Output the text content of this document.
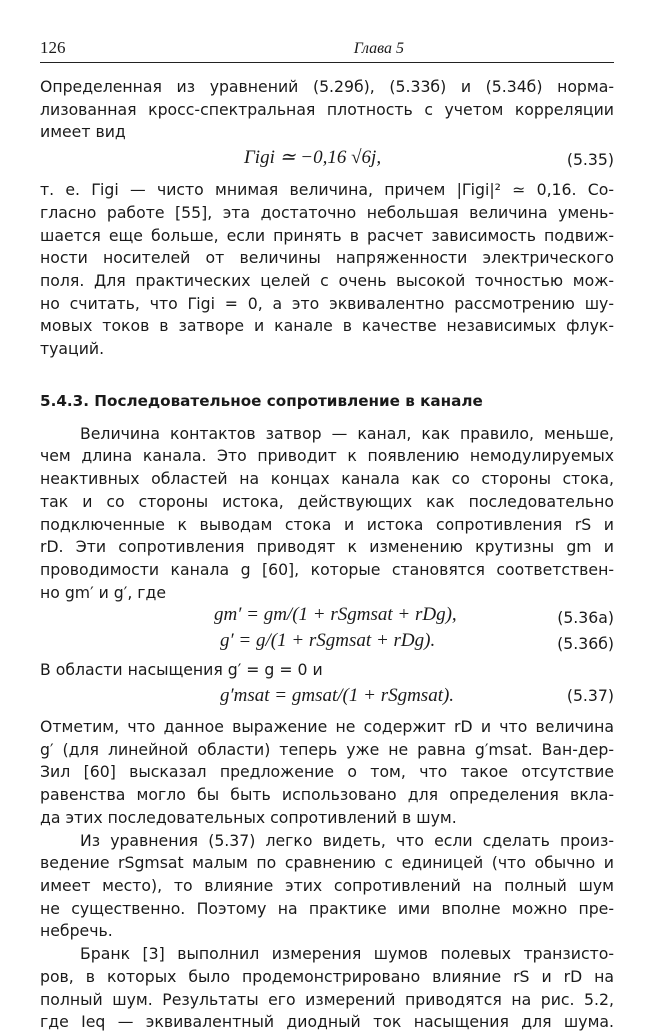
126	Глава 5

Определенная из уравнений (5.29б), (5.33б) и (5.34б) норма-
лизованная кросс-спектральная плотность с учетом корреляции
имеет вид

Γigi ≃ −0,16 √6j,	(5.35)

т. е. Γigi — чисто мнимая величина, причем |Γigi|² ≃ 0,16. Со-
гласно работе [55], эта достаточно небольшая величина умень-
шается еще больше, если принять в расчет зависимость подвиж-
ности носителей от величины напряженности электрического
поля. Для практических целей с очень высокой точностью мож-
но считать, что Γigi = 0, а это эквивалентно рассмотрению шу-
мовых токов в затворе и канале в качестве независимых флук-
туаций.

5.4.3. Последовательное сопротивление в канале

Величина контактов затвор — канал, как правило, меньше,
чем длина канала. Это приводит к появлению немодулируемых
неактивных областей на концах канала как со стороны стока,
так и со стороны истока, действующих как последовательно
подключенные к выводам стока и истока сопротивления rS и
rD. Эти сопротивления приводят к изменению крутизны gm и
проводимости канала g [60], которые становятся соответствен-
но gm′ и g′, где

gm′ = gm/(1 + rSgmsat + rDg),	(5.36а)
g′ = g/(1 + rSgmsat + rDg).	(5.36б)

В области насыщения g′ = g = 0 и

g′msat = gmsat/(1 + rSgmsat).	(5.37)

Отметим, что данное выражение не содержит rD и что величина
g′ (для линейной области) теперь уже не равна g′msat. Ван-дер-
Зил [60] высказал предложение о том, что такое отсутствие
равенства могло бы быть использовано для определения вкла-
да этих последовательных сопротивлений в шум.

Из уравнения (5.37) легко видеть, что если сделать произ-
ведение rSgmsat малым по сравнению с единицей (что обычно и
имеет место), то влияние этих сопротивлений на полный шум
не существенно. Поэтому на практике ими вполне можно пре-
небречь.

Бранк [3] выполнил измерения шумов полевых транзисто-
ров, в которых было продемонстрировано влияние rS и rD на
полный шум. Результаты его измерений приводятся на рис. 5.2,
где Ieq — эквивалентный диодный ток насыщения для шума.
